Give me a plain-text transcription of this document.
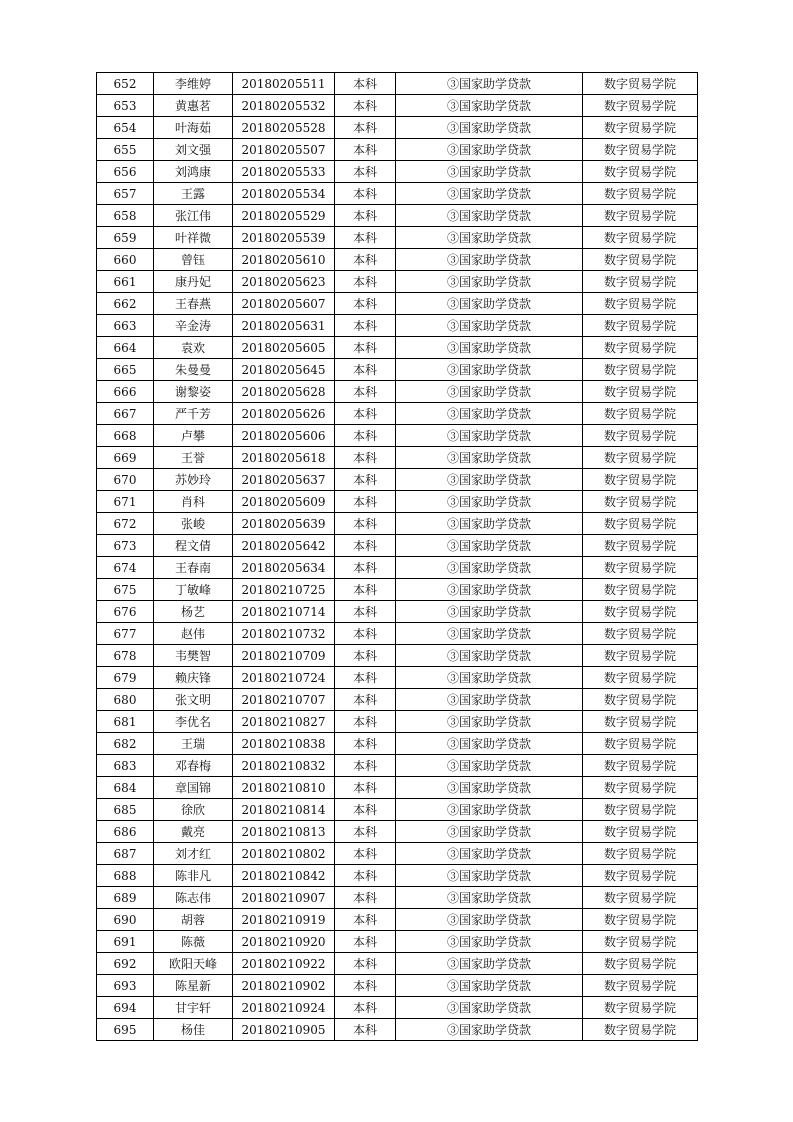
652	李维婷	20180205511	本科	③国家助学贷款	数字贸易学院
653	黄惠茗	20180205532	本科	③国家助学贷款	数字贸易学院
654	叶海茹	20180205528	本科	③国家助学贷款	数字贸易学院
655	刘文强	20180205507	本科	③国家助学贷款	数字贸易学院
656	刘鸿康	20180205533	本科	③国家助学贷款	数字贸易学院
657	王露	20180205534	本科	③国家助学贷款	数字贸易学院
658	张江伟	20180205529	本科	③国家助学贷款	数字贸易学院
659	叶祥微	20180205539	本科	③国家助学贷款	数字贸易学院
660	曾钰	20180205610	本科	③国家助学贷款	数字贸易学院
661	康丹妃	20180205623	本科	③国家助学贷款	数字贸易学院
662	王春燕	20180205607	本科	③国家助学贷款	数字贸易学院
663	辛金涛	20180205631	本科	③国家助学贷款	数字贸易学院
664	袁欢	20180205605	本科	③国家助学贷款	数字贸易学院
665	朱曼曼	20180205645	本科	③国家助学贷款	数字贸易学院
666	谢黎姿	20180205628	本科	③国家助学贷款	数字贸易学院
667	严千芳	20180205626	本科	③国家助学贷款	数字贸易学院
668	卢攀	20180205606	本科	③国家助学贷款	数字贸易学院
669	王誉	20180205618	本科	③国家助学贷款	数字贸易学院
670	苏妙玲	20180205637	本科	③国家助学贷款	数字贸易学院
671	肖科	20180205609	本科	③国家助学贷款	数字贸易学院
672	张峻	20180205639	本科	③国家助学贷款	数字贸易学院
673	程文倩	20180205642	本科	③国家助学贷款	数字贸易学院
674	王春南	20180205634	本科	③国家助学贷款	数字贸易学院
675	丁敏峰	20180210725	本科	③国家助学贷款	数字贸易学院
676	杨艺	20180210714	本科	③国家助学贷款	数字贸易学院
677	赵伟	20180210732	本科	③国家助学贷款	数字贸易学院
678	韦樊智	20180210709	本科	③国家助学贷款	数字贸易学院
679	赖庆锋	20180210724	本科	③国家助学贷款	数字贸易学院
680	张文明	20180210707	本科	③国家助学贷款	数字贸易学院
681	李优名	20180210827	本科	③国家助学贷款	数字贸易学院
682	王瑞	20180210838	本科	③国家助学贷款	数字贸易学院
683	邓春梅	20180210832	本科	③国家助学贷款	数字贸易学院
684	章国锦	20180210810	本科	③国家助学贷款	数字贸易学院
685	徐欣	20180210814	本科	③国家助学贷款	数字贸易学院
686	戴亮	20180210813	本科	③国家助学贷款	数字贸易学院
687	刘才红	20180210802	本科	③国家助学贷款	数字贸易学院
688	陈非凡	20180210842	本科	③国家助学贷款	数字贸易学院
689	陈志伟	20180210907	本科	③国家助学贷款	数字贸易学院
690	胡蓉	20180210919	本科	③国家助学贷款	数字贸易学院
691	陈薇	20180210920	本科	③国家助学贷款	数字贸易学院
692	欧阳天峰	20180210922	本科	③国家助学贷款	数字贸易学院
693	陈星新	20180210902	本科	③国家助学贷款	数字贸易学院
694	甘宇轩	20180210924	本科	③国家助学贷款	数字贸易学院
695	杨佳	20180210905	本科	③国家助学贷款	数字贸易学院
